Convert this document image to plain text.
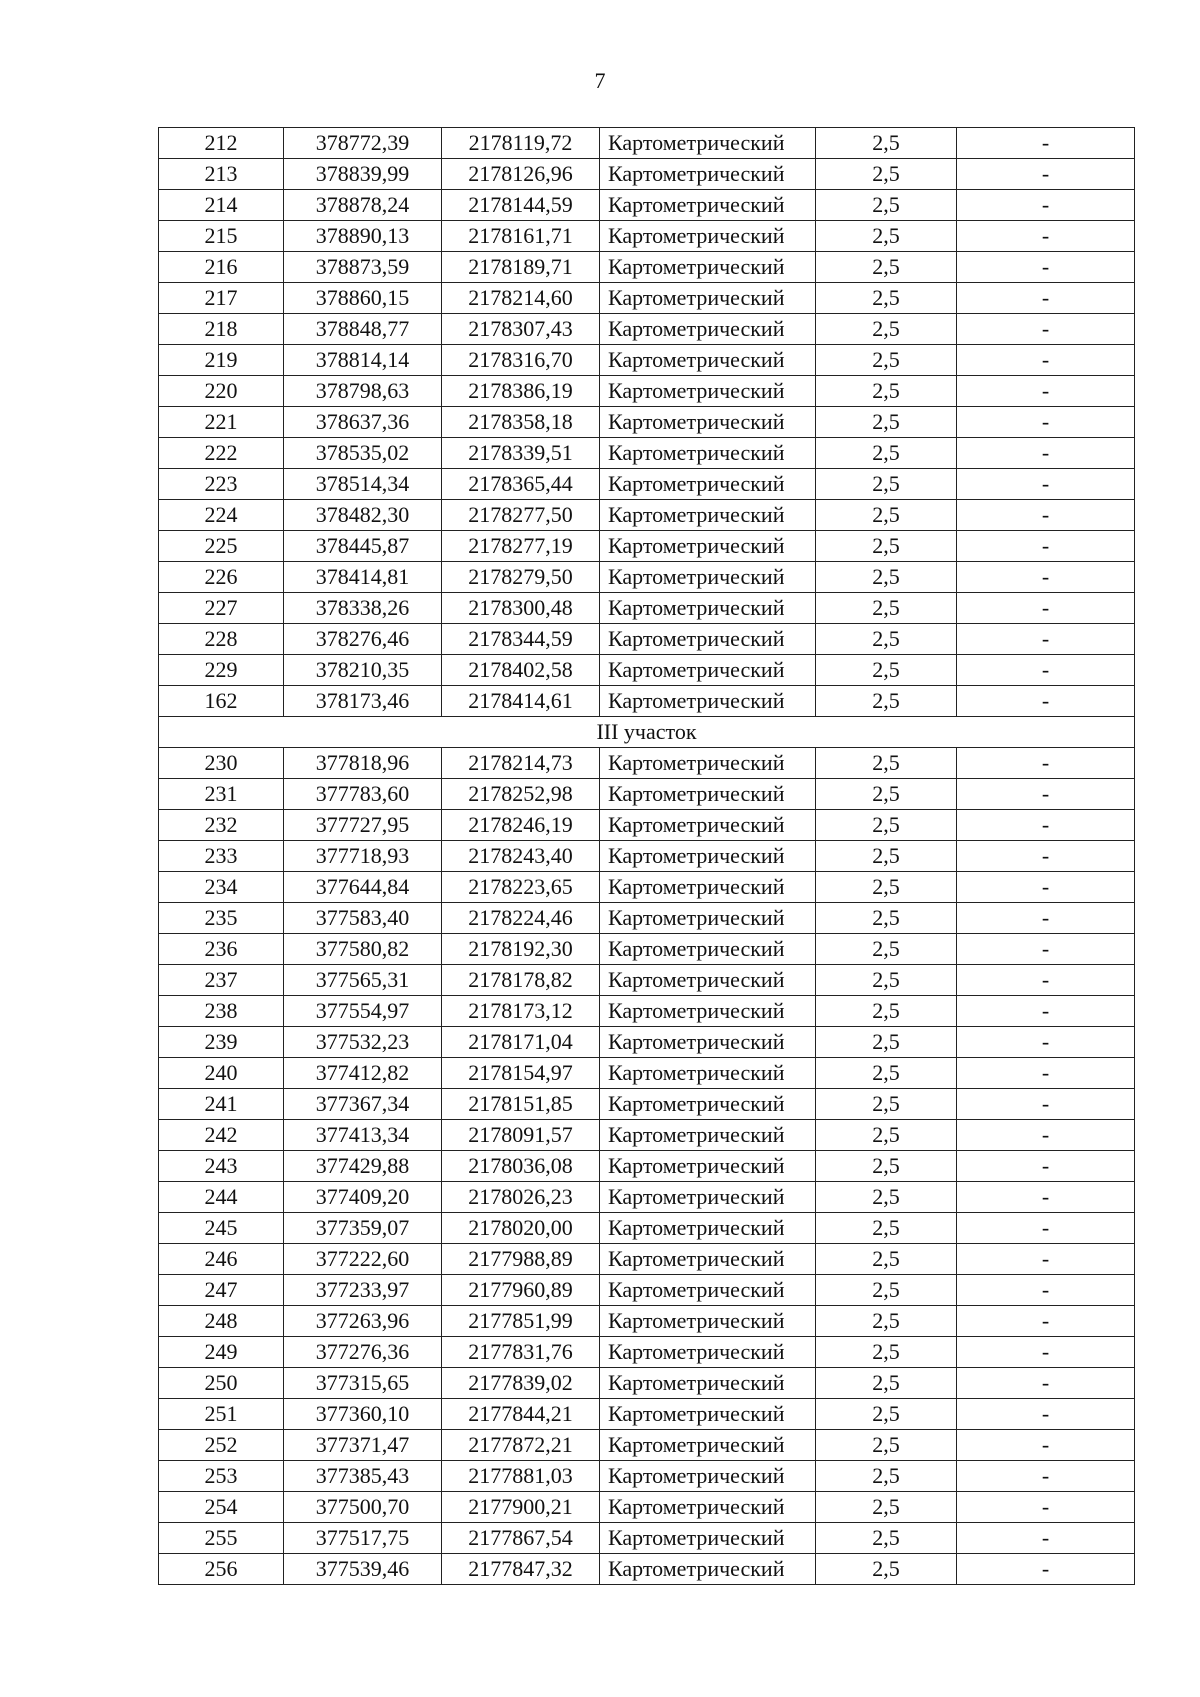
7
212	378772,39	2178119,72	Картометрический	2,5	-
213	378839,99	2178126,96	Картометрический	2,5	-
214	378878,24	2178144,59	Картометрический	2,5	-
215	378890,13	2178161,71	Картометрический	2,5	-
216	378873,59	2178189,71	Картометрический	2,5	-
217	378860,15	2178214,60	Картометрический	2,5	-
218	378848,77	2178307,43	Картометрический	2,5	-
219	378814,14	2178316,70	Картометрический	2,5	-
220	378798,63	2178386,19	Картометрический	2,5	-
221	378637,36	2178358,18	Картометрический	2,5	-
222	378535,02	2178339,51	Картометрический	2,5	-
223	378514,34	2178365,44	Картометрический	2,5	-
224	378482,30	2178277,50	Картометрический	2,5	-
225	378445,87	2178277,19	Картометрический	2,5	-
226	378414,81	2178279,50	Картометрический	2,5	-
227	378338,26	2178300,48	Картометрический	2,5	-
228	378276,46	2178344,59	Картометрический	2,5	-
229	378210,35	2178402,58	Картометрический	2,5	-
162	378173,46	2178414,61	Картометрический	2,5	-
III участок					
230	377818,96	2178214,73	Картометрический	2,5	-
231	377783,60	2178252,98	Картометрический	2,5	-
232	377727,95	2178246,19	Картометрический	2,5	-
233	377718,93	2178243,40	Картометрический	2,5	-
234	377644,84	2178223,65	Картометрический	2,5	-
235	377583,40	2178224,46	Картометрический	2,5	-
236	377580,82	2178192,30	Картометрический	2,5	-
237	377565,31	2178178,82	Картометрический	2,5	-
238	377554,97	2178173,12	Картометрический	2,5	-
239	377532,23	2178171,04	Картометрический	2,5	-
240	377412,82	2178154,97	Картометрический	2,5	-
241	377367,34	2178151,85	Картометрический	2,5	-
242	377413,34	2178091,57	Картометрический	2,5	-
243	377429,88	2178036,08	Картометрический	2,5	-
244	377409,20	2178026,23	Картометрический	2,5	-
245	377359,07	2178020,00	Картометрический	2,5	-
246	377222,60	2177988,89	Картометрический	2,5	-
247	377233,97	2177960,89	Картометрический	2,5	-
248	377263,96	2177851,99	Картометрический	2,5	-
249	377276,36	2177831,76	Картометрический	2,5	-
250	377315,65	2177839,02	Картометрический	2,5	-
251	377360,10	2177844,21	Картометрический	2,5	-
252	377371,47	2177872,21	Картометрический	2,5	-
253	377385,43	2177881,03	Картометрический	2,5	-
254	377500,70	2177900,21	Картометрический	2,5	-
255	377517,75	2177867,54	Картометрический	2,5	-
256	377539,46	2177847,32	Картометрический	2,5	-
